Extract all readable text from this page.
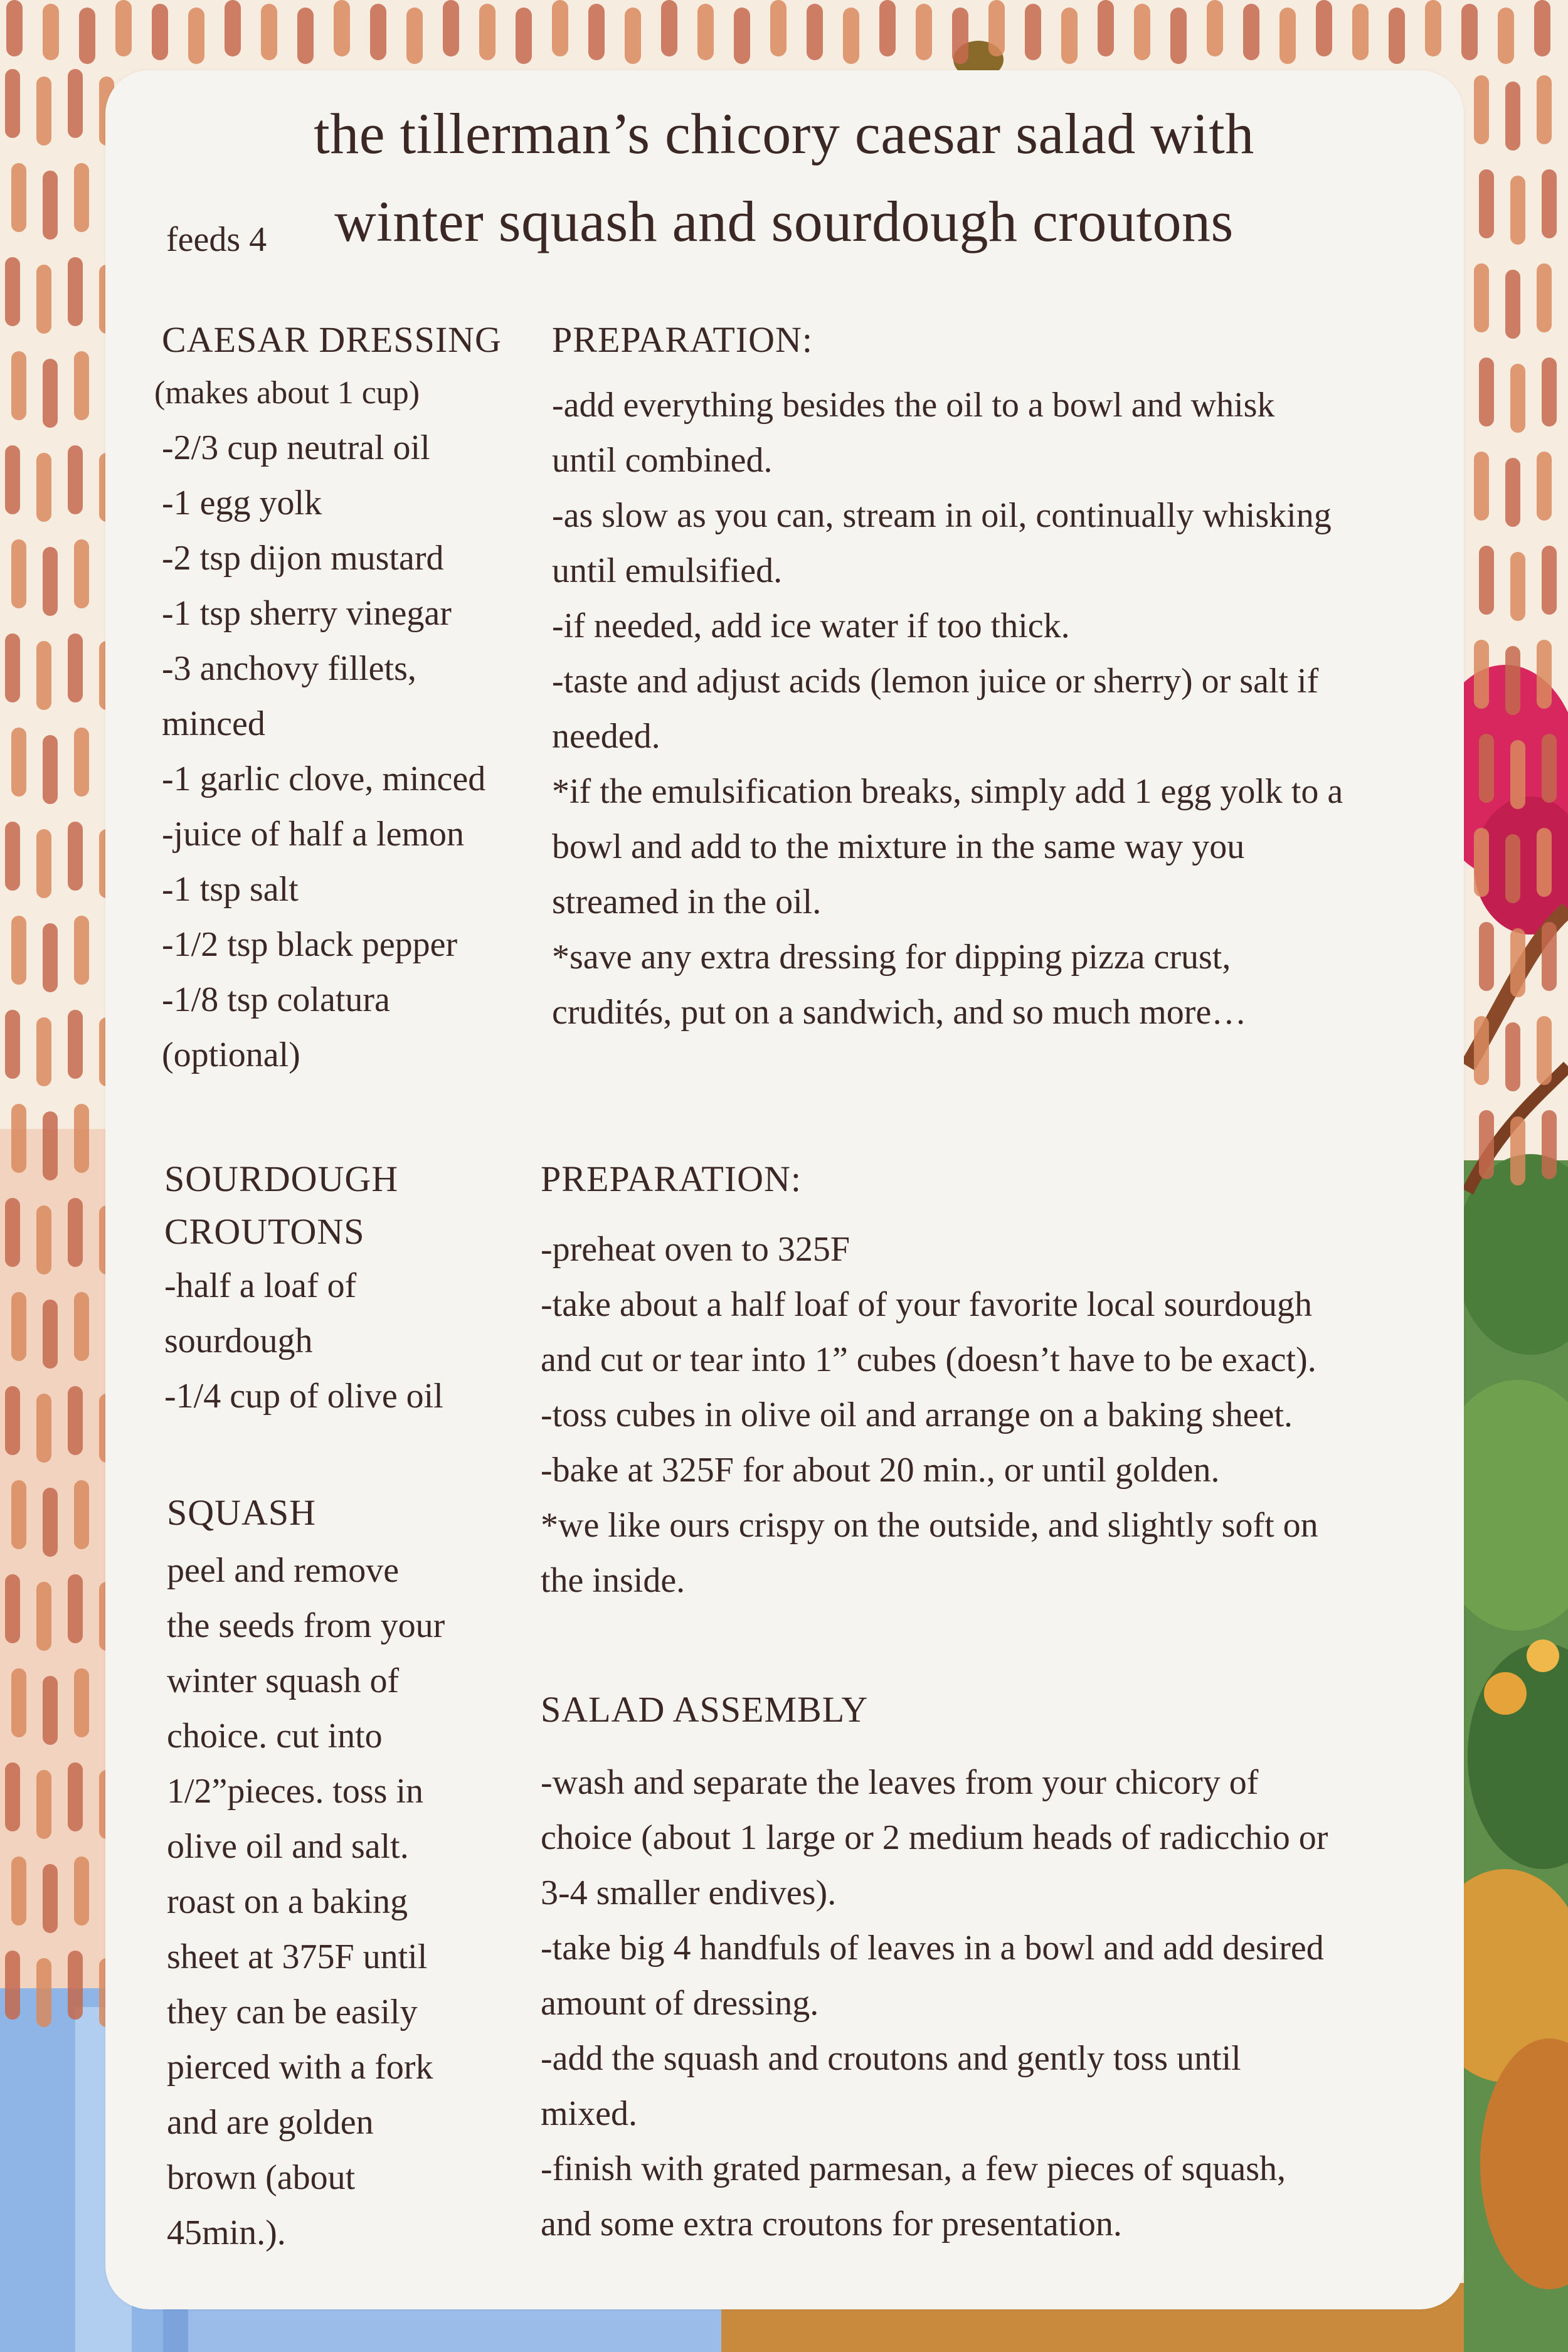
the tillerman’s chicory caesar salad with
winter squash and sourdough croutons
feeds 4
CAESAR DRESSING
(makes about 1 cup)
-2/3 cup neutral oil
-1 egg yolk
-2 tsp dijon mustard
-1 tsp sherry vinegar
-3 anchovy fillets,
minced
-1 garlic clove, minced
-juice of half a lemon
-1 tsp salt
-1/2 tsp black pepper
-1/8 tsp colatura
(optional)
PREPARATION:
-add everything besides the oil to a bowl and whisk
until combined.
-as slow as you can, stream in oil, continually whisking
until emulsified.
-if needed, add ice water if too thick.
-taste and adjust acids (lemon juice or sherry) or salt if
needed.
*if the emulsification breaks, simply add 1 egg yolk to a
bowl and add to the mixture in the same way you
streamed in the oil.
*save any extra dressing for dipping pizza crust,
crudités, put on a sandwich, and so much more…
SOURDOUGH
CROUTONS
-half a loaf of
sourdough
-1/4 cup of olive oil
PREPARATION:
-preheat oven to 325F
-take about a half loaf of your favorite local sourdough
and cut or tear into 1” cubes (doesn’t have to be exact).
-toss cubes in olive oil and arrange on a baking sheet.
-bake at 325F for about 20 min., or until golden.
*we like ours crispy on the outside, and slightly soft on
the inside.
SQUASH
peel and remove
the seeds from your
winter squash of
choice. cut into
1/2”pieces. toss in
olive oil and salt.
roast on a baking
sheet at 375F until
they can be easily
pierced with a fork
and are golden
brown (about
45min.).
SALAD ASSEMBLY
-wash and separate the leaves from your chicory of
choice (about 1 large or 2 medium heads of radicchio or
3-4 smaller endives).
-take big 4 handfuls of leaves in a bowl and add desired
amount of dressing.
-add the squash and croutons and gently toss until
mixed.
-finish with grated parmesan, a few pieces of squash,
and some extra croutons for presentation.
